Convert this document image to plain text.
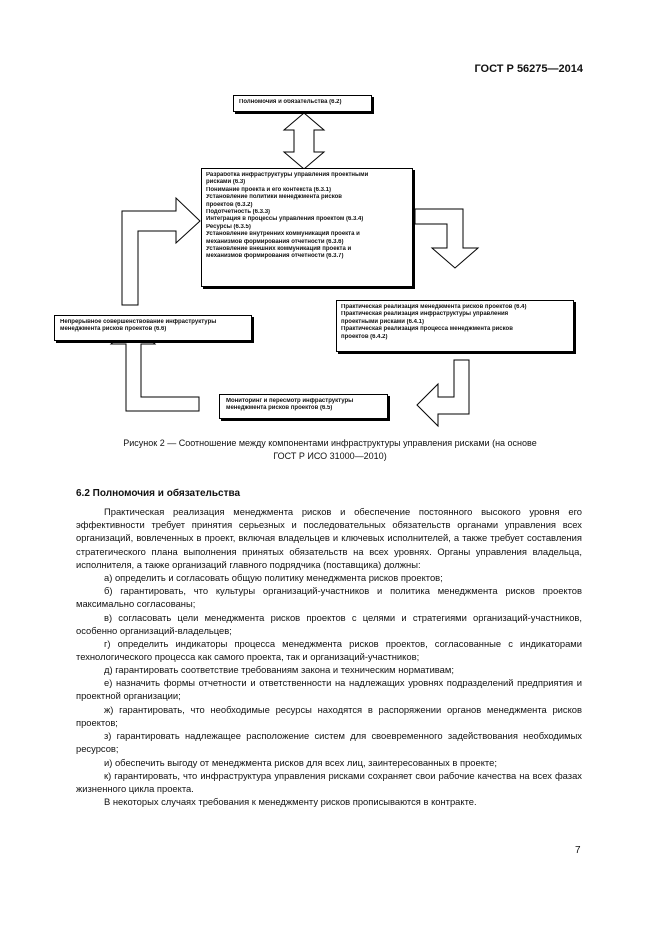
ГОСТ Р 56275—2014
Полномочия и обязательства (6.2)
Разработка инфраструктуры управления проектными
рисками (6.3)
Понимание проекта и его контекста (6.3.1)
Установление политики менеджмента рисков
проектов (6.3.2)
Подотчетность (6.3.3)
Интеграция в процессы управления проектом (6.3.4)
Ресурсы (6.3.5)
Установление внутренних коммуникаций проекта и
механизмов формирования отчетности (6.3.6)
Установление внешних коммуникаций проекта и
механизмов формирования отчетности (6.3.7)
Практическая реализация менеджмента рисков проектов (6.4)
Практическая реализация инфраструктуры управления
проектными рисками (6.4.1)
Практическая реализация процесса менеджмента рисков
проектов (6.4.2)
Непрерывное совершенствование инфраструктуры
менеджмента рисков проектов (6.6)
Мониторинг и пересмотр инфраструктуры
менеджмента рисков проектов (6.5)
Рисунок 2 — Соотношение между компонентами инфраструктуры управления рисками (на основе
ГОСТ Р ИСО 31000—2010)
6.2 Полномочия и обязательства

Практическая реализация менеджмента рисков и обеспечение постоянного высокого уровня его эффективности требует принятия серьезных и последовательных обязательств органами управления всех организаций, вовлеченных в проект, включая владельцев и ключевых исполнителей, а также требует составления стратегического плана выполнения принятых обязательств на всех уровнях. Органы управления владельца, исполнителя, а также организаций главного подрядчика (поставщика) должны:

а) определить и согласовать общую политику менеджмента рисков проектов;

б) гарантировать, что культуры организаций-участников и политика менеджмента рисков проектов максимально согласованы;

в) согласовать цели менеджмента рисков проектов с целями и стратегиями организаций-участников, особенно организаций-владельцев;

г) определить индикаторы процесса менеджмента рисков проектов, согласованные с индикаторами технологического процесса как самого проекта, так и организаций-участников;

д) гарантировать соответствие требованиям закона и техническим нормативам;

е) назначить формы отчетности и ответственности на надлежащих уровнях подразделений предприятия и проектной организации;

ж) гарантировать, что необходимые ресурсы находятся в распоряжении органов менеджмента рисков проектов;

з) гарантировать надлежащее расположение систем для своевременного задействования необходимых ресурсов;

и) обеспечить выгоду от менеджмента рисков для всех лиц, заинтересованных в проекте;

к) гарантировать, что инфраструктура управления рисками сохраняет свои рабочие качества на всех фазах жизненного цикла проекта.

В некоторых случаях требования к менеджменту рисков прописываются в контракте.

7
